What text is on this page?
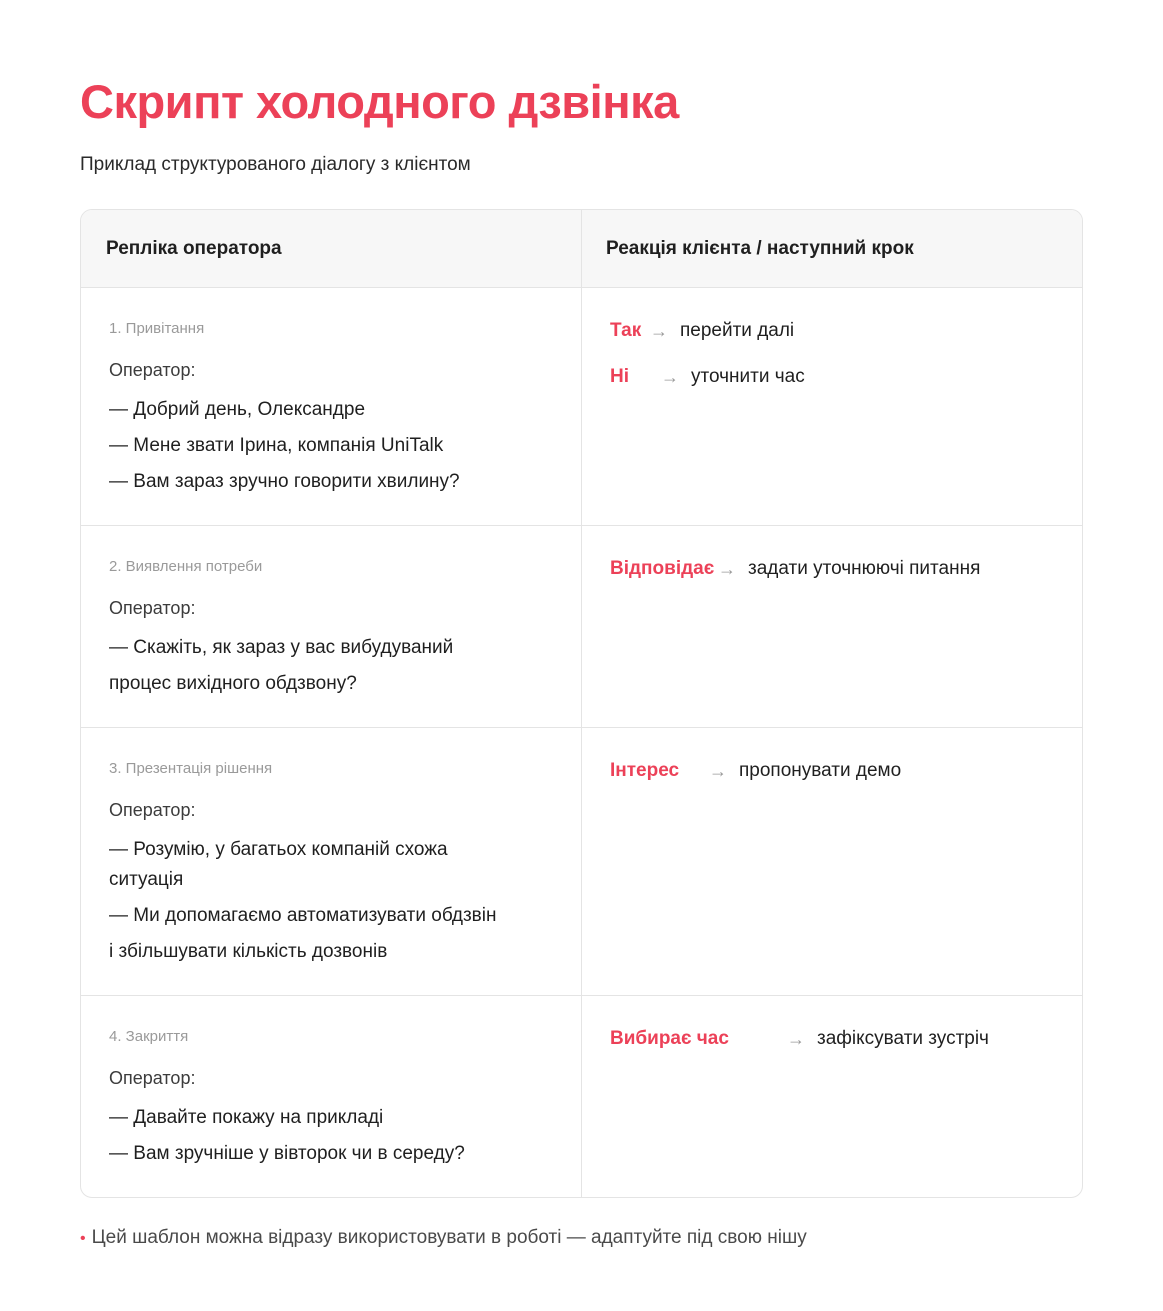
Скрипт холодного дзвінка
Приклад структурованого діалогу з клієнтом
Репліка оператора	Реакція клієнта / наступний крок
1. Привітання
Оператор:
— Добрий день, Олександре
— Мене звати Ірина, компанія UniTalk
— Вам зараз зручно говорити хвилину?
Так → перейти далі
Ні → уточнити час
2. Виявлення потреби
Оператор:
— Скажіть, як зараз у вас вибудуваний
процес вихідного обдзвону?
Відповідає → задати уточнюючі питання
3. Презентація рішення
Оператор:
— Розумію, у багатьох компаній схожа
ситуація
— Ми допомагаємо автоматизувати обдзвін
і збільшувати кількість дозвонів
Інтерес → пропонувати демо
4. Закриття
Оператор:
— Давайте покажу на прикладі
— Вам зручніше у вівторок чи в середу?
Вибирає час	→ зафіксувати зустріч
• Цей шаблон можна відразу використовувати в роботі — адаптуйте під свою нішу
